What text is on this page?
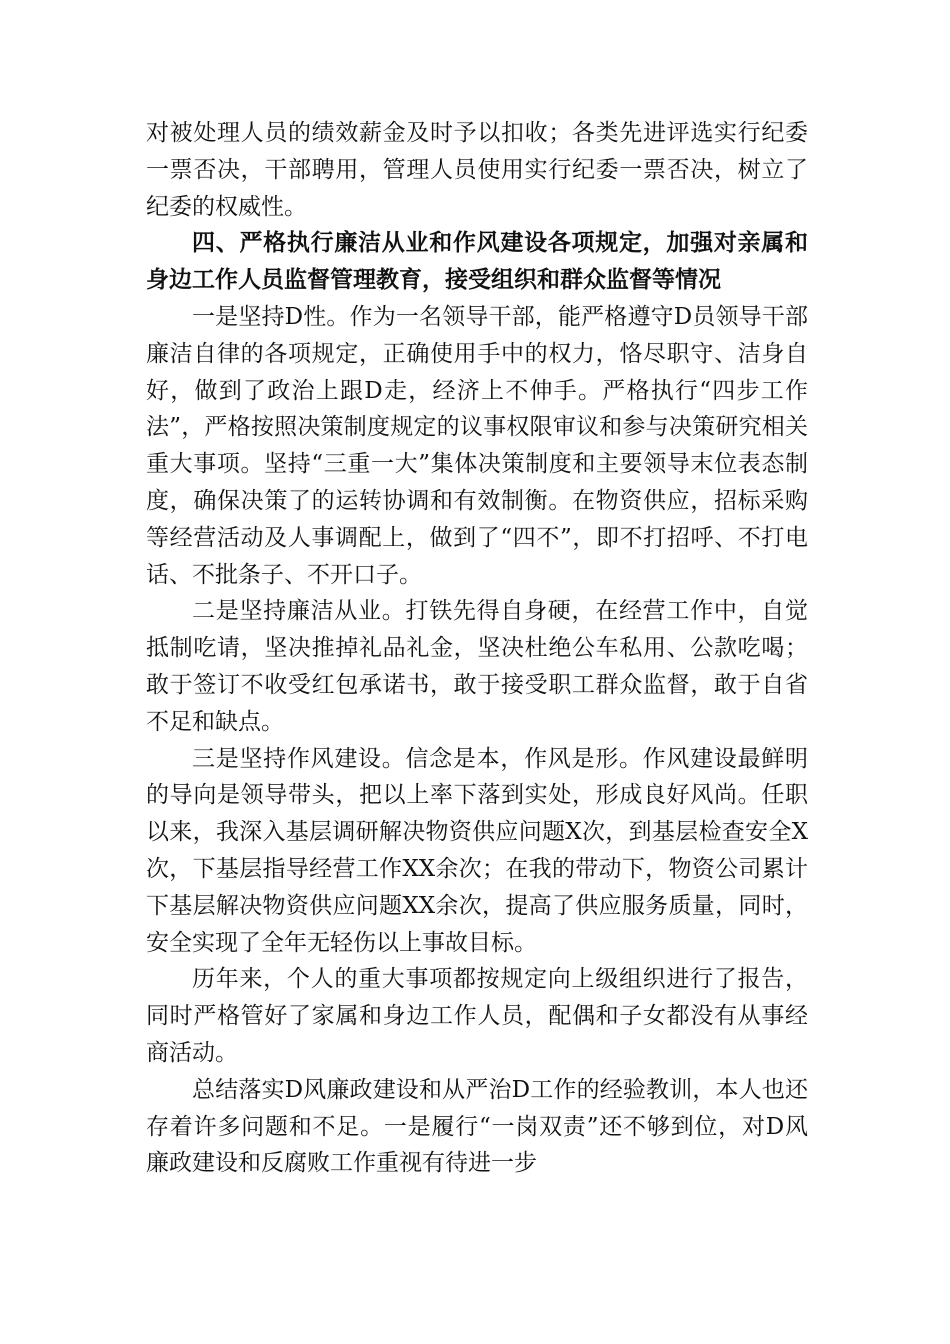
对被处理人员的绩效薪金及时予以扣收；各类先进评选实行纪委一票否决，干部聘用，管理人员使用实行纪委一票否决，树立了纪委的权威性。

四、严格执行廉洁从业和作风建设各项规定，加强对亲属和身边工作人员监督管理教育，接受组织和群众监督等情况

一是坚持D性。作为一名领导干部，能严格遵守D员领导干部廉洁自律的各项规定，正确使用手中的权力，恪尽职守、洁身自好，做到了政治上跟D走，经济上不伸手。严格执行“四步工作法”，严格按照决策制度规定的议事权限审议和参与决策研究相关重大事项。坚持“三重一大”集体决策制度和主要领导末位表态制度，确保决策了的运转协调和有效制衡。在物资供应，招标采购等经营活动及人事调配上，做到了“四不”，即不打招呼、不打电话、不批条子、不开口子。

二是坚持廉洁从业。打铁先得自身硬，在经营工作中，自觉抵制吃请，坚决推掉礼品礼金，坚决杜绝公车私用、公款吃喝；敢于签订不收受红包承诺书，敢于接受职工群众监督，敢于自省不足和缺点。

三是坚持作风建设。信念是本，作风是形。作风建设最鲜明的导向是领导带头，把以上率下落到实处，形成良好风尚。任职以来，我深入基层调研解决物资供应问题X次，到基层检查安全X次，下基层指导经营工作XX余次；在我的带动下，物资公司累计下基层解决物资供应问题XX余次，提高了供应服务质量，同时，安全实现了全年无轻伤以上事故目标。

历年来，个人的重大事项都按规定向上级组织进行了报告，同时严格管好了家属和身边工作人员，配偶和子女都没有从事经商活动。

总结落实D风廉政建设和从严治D工作的经验教训，本人也还存着许多问题和不足。一是履行“一岗双责”还不够到位，对D风廉政建设和反腐败工作重视有待进一步
